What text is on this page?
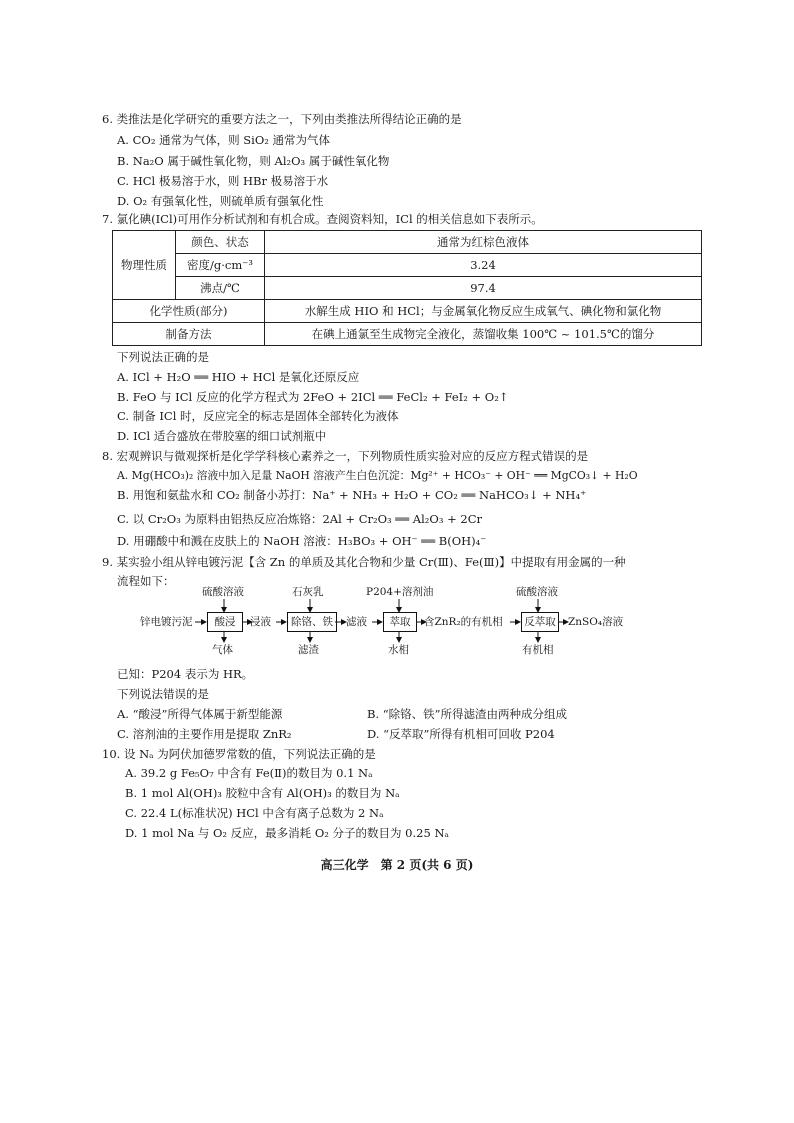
6. 类推法是化学研究的重要方法之一，下列由类推法所得结论正确的是
A. CO₂ 通常为气体，则 SiO₂ 通常为气体
B. Na₂O 属于碱性氧化物，则 Al₂O₃ 属于碱性氧化物
C. HCl 极易溶于水，则 HBr 极易溶于水
D. O₂ 有强氧化性，则硫单质有强氧化性
7. 氯化碘(ICl)可用作分析试剂和有机合成。查阅资料知，ICl 的相关信息如下表所示。
物理性质	颜色、状态	通常为红棕色液体
	密度/g·cm⁻³	3.24
	沸点/℃	97.4
化学性质(部分)		水解生成 HIO 和 HCl；与金属氧化物反应生成氧气、碘化物和氯化物
制备方法		在碘上通氯至生成物完全液化，蒸馏收集 100℃ ~ 101.5℃的馏分
下列说法正确的是
A. ICl + H₂O ══ HIO + HCl 是氧化还原反应
B. FeO 与 ICl 反应的化学方程式为 2FeO + 2ICl ══ FeCl₂ + FeI₂ + O₂↑
C. 制备 ICl 时，反应完全的标志是固体全部转化为液体
D. ICl 适合盛放在带胶塞的细口试剂瓶中
8. 宏观辨识与微观探析是化学学科核心素养之一，下列物质性质实验对应的反应方程式错误的是
A. Mg(HCO₃)₂ 溶液中加入足量 NaOH 溶液产生白色沉淀：Mg²⁺ + HCO₃⁻ + OH⁻ ══ MgCO₃↓ + H₂O
B. 用饱和氨盐水和 CO₂ 制备小苏打：Na⁺ + NH₃ + H₂O + CO₂ ══ NaHCO₃↓ + NH₄⁺
C. 以 Cr₂O₃ 为原料由铝热反应冶炼铬：2Al + Cr₂O₃ ══ Al₂O₃ + 2Cr
D. 用硼酸中和溅在皮肤上的 NaOH 溶液：H₃BO₃ + OH⁻ ══ B(OH)₄⁻
9. 某实验小组从锌电镀污泥【含 Zn 的单质及其化合物和少量 Cr(Ⅲ)、Fe(Ⅲ)】中提取有用金属的一种
流程如下：
锌电镀污泥	酸浸	浸液	除铬、铁	滤液	萃取	含ZnR₂的有机相	反萃取	ZnSO₄溶液
硫酸溶液	石灰乳	P204+溶剂油	硫酸溶液
气体	滤渣	水相	有机相
已知：P204 表示为 HR。
下列说法错误的是
A. “酸浸”所得气体属于新型能源	B. “除铬、铁”所得滤渣由两种成分组成
C. 溶剂油的主要作用是提取 ZnR₂	D. “反萃取”所得有机相可回收 P204
10. 设 Nₐ 为阿伏加德罗常数的值，下列说法正确的是
A. 39.2 g Fe₅O₇ 中含有 Fe(Ⅱ)的数目为 0.1 Nₐ
B. 1 mol Al(OH)₃ 胶粒中含有 Al(OH)₃ 的数目为 Nₐ
C. 22.4 L(标准状况) HCl 中含有离子总数为 2 Nₐ
D. 1 mol Na 与 O₂ 反应，最多消耗 O₂ 分子的数目为 0.25 Nₐ
高三化学　第 2 页(共 6 页)
